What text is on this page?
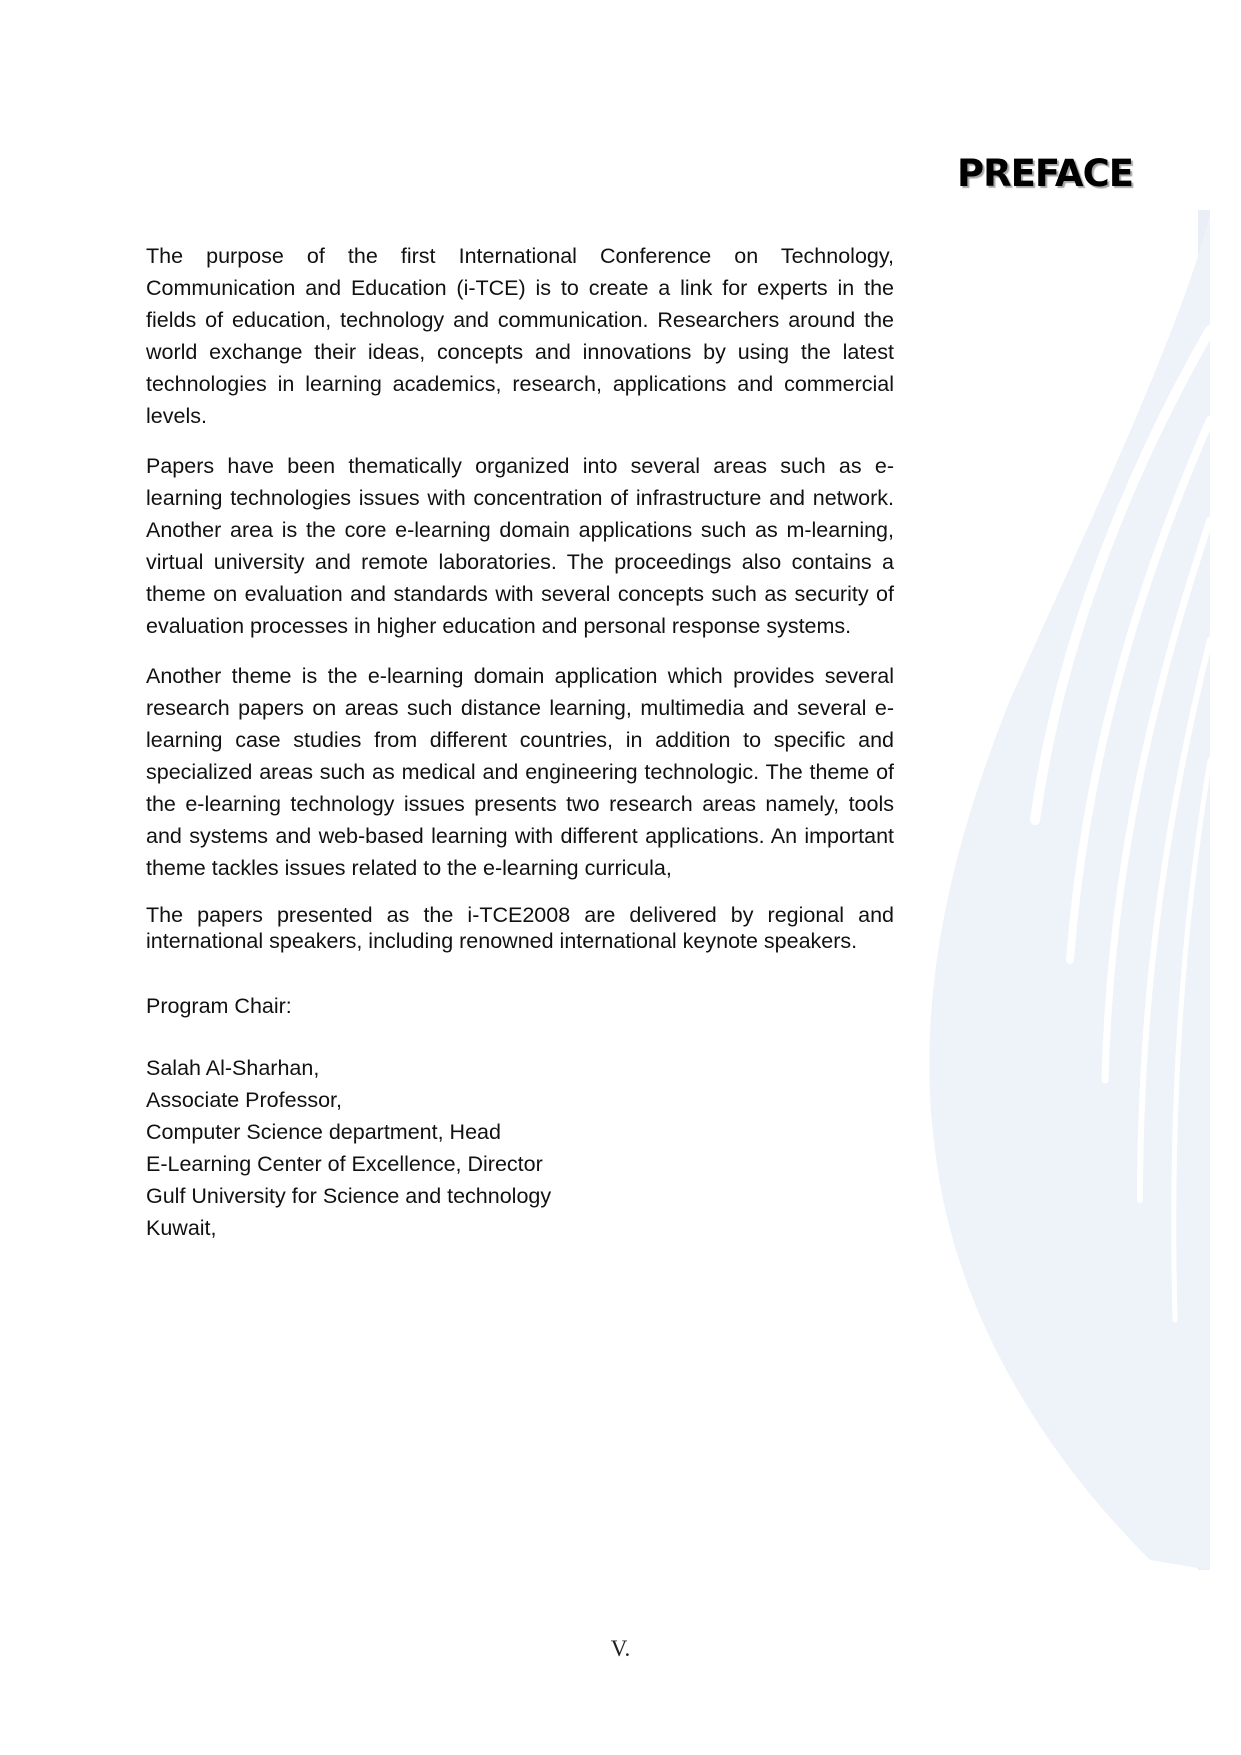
PREFACE

The purpose of the first International Conference on Technology, Communication and Education (i-TCE) is to create a link for experts in the fields of education, technology and communication. Researchers around the world exchange their ideas, concepts and innovations by using the latest technologies in learning academics, research, applications and commercial levels.

Papers have been thematically organized into several areas such as e-learning technologies issues with concentration of infrastructure and network. Another area is the core e-learning domain applications such as m-learning, virtual university and remote laboratories. The proceedings also contains a theme on evaluation and standards with several concepts such as security of evaluation processes in higher education and personal response systems.

Another theme is the e-learning domain application which provides several research papers on areas such distance learning, multimedia and several e-learning case studies from different countries, in addition to specific and specialized areas such as medical and engineering technologic. The theme of the e-learning technology issues presents two research areas namely, tools and systems and web-based learning with different applications. An important theme tackles issues related to the e-learning curricula,

The papers presented as the i-TCE2008 are delivered by regional and international speakers, including renowned international keynote speakers.

Program Chair:

Salah Al-Sharhan,

Associate Professor,

Computer Science department, Head

E-Learning Center of Excellence, Director

Gulf University for Science and technology

Kuwait,

V.
